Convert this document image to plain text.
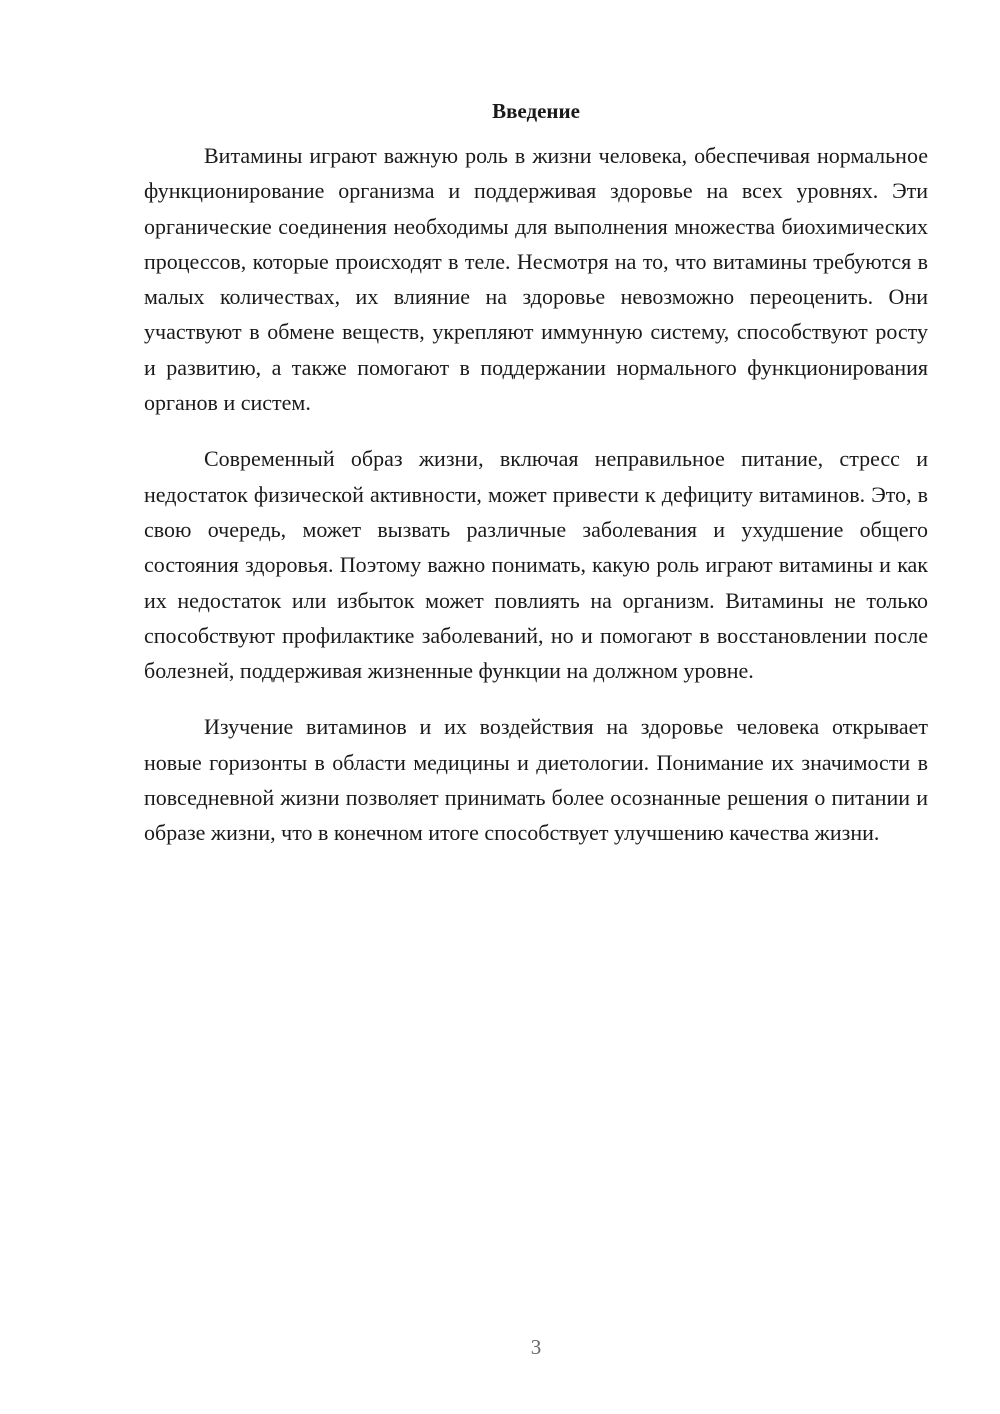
Введение

Витамины играют важную роль в жизни человека, обеспечивая нормальное функционирование организма и поддерживая здоровье на всех уровнях. Эти органические соединения необходимы для выполнения множества биохимических процессов, которые происходят в теле. Несмотря на то, что витамины требуются в малых количествах, их влияние на здоровье невозможно переоценить. Они участвуют в обмене веществ, укрепляют иммунную систему, способствуют росту и развитию, а также помогают в поддержании нормального функционирования органов и систем.

Современный образ жизни, включая неправильное питание, стресс и недостаток физической активности, может привести к дефициту витаминов. Это, в свою очередь, может вызвать различные заболевания и ухудшение общего состояния здоровья. Поэтому важно понимать, какую роль играют витамины и как их недостаток или избыток может повлиять на организм. Витамины не только способствуют профилактике заболеваний, но и помогают в восстановлении после болезней, поддерживая жизненные функции на должном уровне.

Изучение витаминов и их воздействия на здоровье человека открывает новые горизонты в области медицины и диетологии. Понимание их значимости в повседневной жизни позволяет принимать более осознанные решения о питании и образе жизни, что в конечном итоге способствует улучшению качества жизни.

3
